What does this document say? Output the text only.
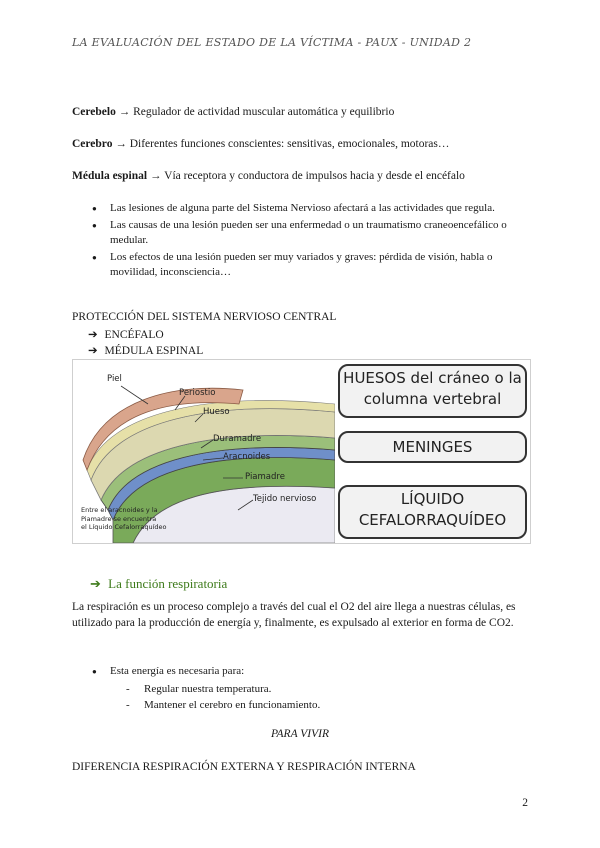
LA EVALUACIÓN DEL ESTADO DE LA VÍCTIMA - PAUX - UNIDAD 2
Cerebelo → Regulador de actividad muscular automática y equilibrio
Cerebro → Diferentes funciones conscientes: sensitivas, emocionales, motoras…
Médula espinal → Vía receptora y conductora de impulsos hacia y desde el encéfalo
● Las lesiones de alguna parte del Sistema Nervioso afectará a las actividades que regula.
● Las causas de una lesión pueden ser una enfermedad o un traumatismo craneoencefálico o medular.
● Los efectos de una lesión pueden ser muy variados y graves: pérdida de visión, habla o movilidad, inconsciencia…
PROTECCIÓN DEL SISTEMA NERVIOSO CENTRAL
➔ ENCÉFALO
➔ MÉDULA ESPINAL
Piel
Periostio
Hueso
Duramadre
Aracnoides
Piamadre
Tejido nervioso
Entre el aracnoides y la
Piamadre se encuentra
el Líquido Cefalorraquídeo
HUESOS del cráneo o la
columna vertebral
MENINGES
LÍQUIDO
CEFALORRAQUÍDEO
➔ La función respiratoria
La respiración es un proceso complejo a través del cual el O2 del aire llega a nuestras células, es utilizado para la producción de energía y, finalmente, es expulsado al exterior en forma de CO2.
● Esta energía es necesaria para:
- Regular nuestra temperatura.
- Mantener el cerebro en funcionamiento.
PARA VIVIR
DIFERENCIA RESPIRACIÓN EXTERNA Y RESPIRACIÓN INTERNA
2
